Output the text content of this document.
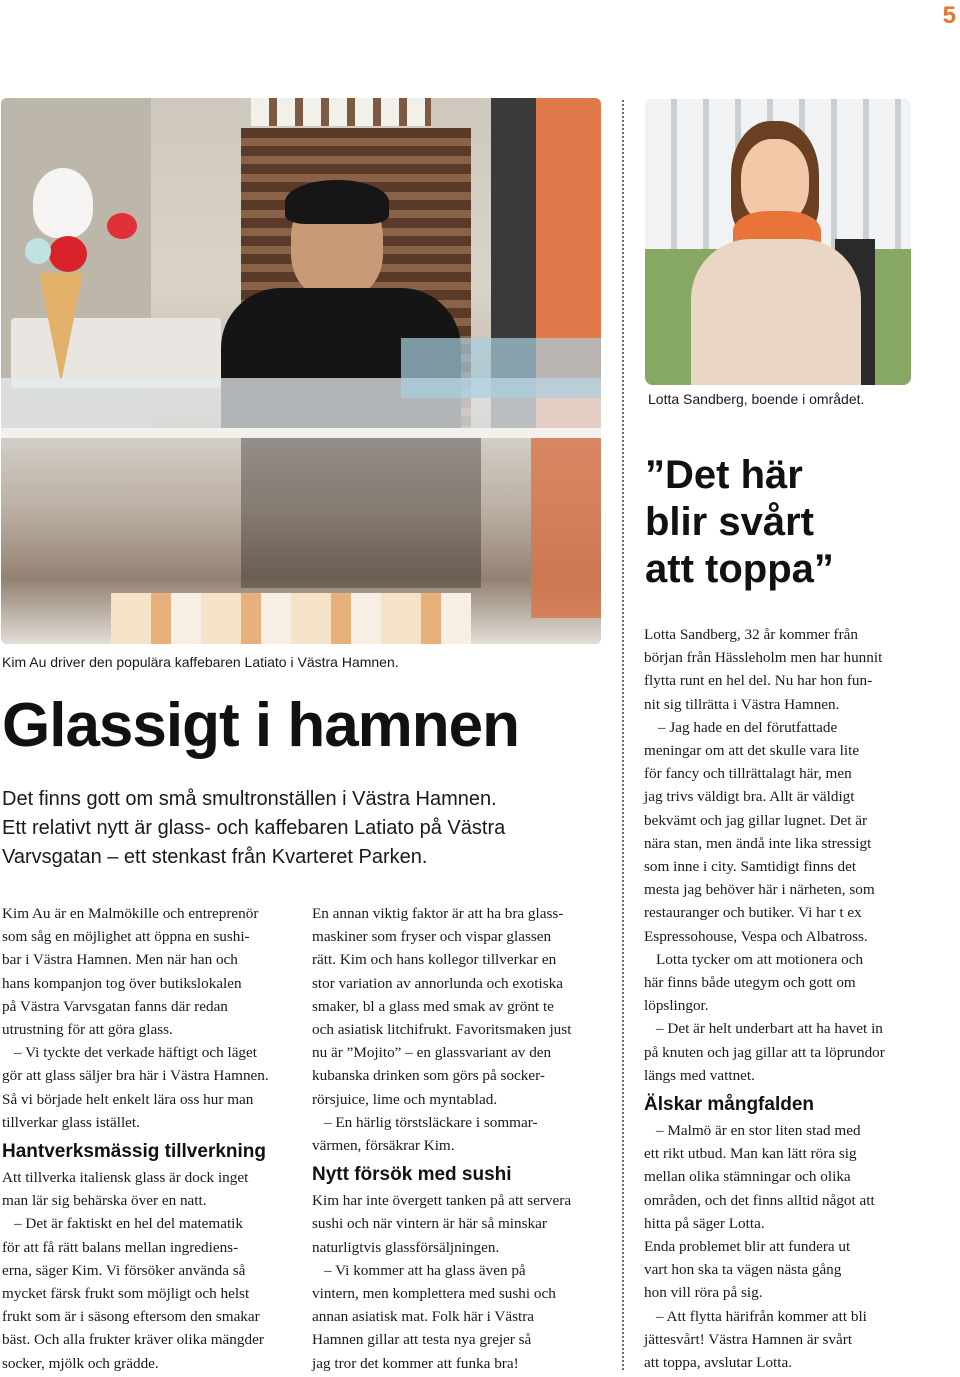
5
Lotta Sandberg, boende i området.
Kim Au driver den populära kaffebaren Latiato i Västra Hamnen.
Glassigt i hamnen

Det finns gott om små smultronställen i Västra Hamnen.

Ett relativt nytt är glass- och kaffebaren Latiato på Västra

Varvsgatan – ett stenkast från Kvarteret Parken.

Kim Au är en Malmökille och entreprenör

som såg en möjlighet att öppna en sushi-

bar i Västra Hamnen. Men när han och

hans kompanjon tog över butikslokalen

på Västra Varvsgatan fanns där redan

utrustning för att göra glass.

– Vi tyckte det verkade häftigt och läget

gör att glass säljer bra här i Västra Hamnen.

Så vi började helt enkelt lära oss hur man

tillverkar glass istället.

Hantverksmässig tillverkning

Att tillverka italiensk glass är dock inget

man lär sig behärska över en natt.

– Det är faktiskt en hel del matematik

för att få rätt balans mellan ingrediens-

erna, säger Kim. Vi försöker använda så

mycket färsk frukt som möjligt och helst

frukt som är i säsong eftersom den smakar

bäst. Och alla frukter kräver olika mängder

socker, mjölk och grädde.

En annan viktig faktor är att ha bra glass-

maskiner som fryser och vispar glassen

rätt. Kim och hans kollegor tillverkar en

stor variation av annorlunda och exotiska

smaker, bl a glass med smak av grönt te

och asiatisk litchifrukt. Favoritsmaken just

nu är ”Mojito” – en glassvariant av den

kubanska drinken som görs på socker-

rörsjuice, lime och myntablad.

– En härlig törstsläckare i sommar-

värmen, försäkrar Kim.

Nytt försök med sushi

Kim har inte övergett tanken på att servera

sushi och när vintern är här så minskar

naturligtvis glassförsäljningen.

– Vi kommer att ha glass även på

vintern, men komplettera med sushi och

annan asiatisk mat. Folk här i Västra

Hamnen gillar att testa nya grejer så

jag tror det kommer att funka bra!

”Det här

blir svårt

att toppa”

Lotta Sandberg, 32 år kommer från

början från Hässleholm men har hunnit

flytta runt en hel del. Nu har hon fun-

nit sig tillrätta i Västra Hamnen.

– Jag hade en del förutfattade

meningar om att det skulle vara lite

för fancy och tillrättalagt här, men

jag trivs väldigt bra. Allt är väldigt

bekvämt och jag gillar lugnet. Det är

nära stan, men ändå inte lika stressigt

som inne i city. Samtidigt finns det

mesta jag behöver här i närheten, som

restauranger och butiker. Vi har t ex

Espressohouse, Vespa och Albatross.

Lotta tycker om att motionera och

här finns både utegym och gott om

löpslingor.

– Det är helt underbart att ha havet in

på knuten och jag gillar att ta löprundor

längs med vattnet.

Älskar mångfalden

– Malmö är en stor liten stad med

ett rikt utbud. Man kan lätt röra sig

mellan olika stämningar och olika

områden, och det finns alltid något att

hitta på säger Lotta.

Enda problemet blir att fundera ut

vart hon ska ta vägen nästa gång

hon vill röra på sig.

– Att flytta härifrån kommer att bli

jättesvårt! Västra Hamnen är svårt

att toppa, avslutar Lotta.
